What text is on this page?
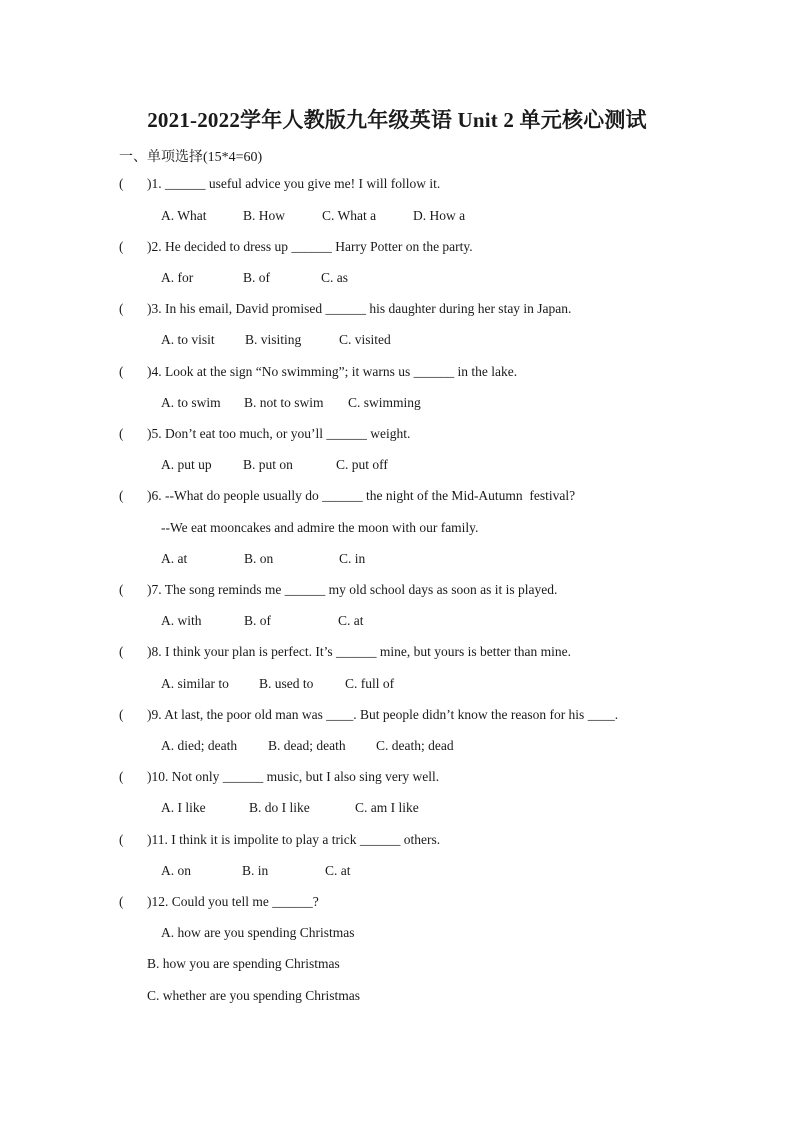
2021-2022学年人教版九年级英语 Unit 2 单元核心测试
一、单项选择(15*4=60)
( )1. ______ useful advice you give me! I will follow it.
A. What	B. How	C. What a	D. How a
( )2. He decided to dress up ______ Harry Potter on the party.
A. for	B. of	C. as
( )3. In his email, David promised ______ his daughter during her stay in Japan.
A. to visit B. visiting	C. visited
( )4. Look at the sign “No swimming”; it warns us ______ in the lake.
A. to swim B. not to swim C. swimming
( )5. Don’t eat too much, or you’ll ______ weight.
A. put up B. put on	C. put off
( )6. --What do people usually do ______ the night of the Mid-Autumn  festival?
--We eat mooncakes and admire the moon with our family.
A. at	B. on	C. in
( )7. The song reminds me ______ my old school days as soon as it is played.
A. with	B. of	C. at
( )8. I think your plan is perfect. It’s ______ mine, but yours is better than mine.
A. similar to B. used to C. full of
( )9. At last, the poor old man was ____. But people didn’t know the reason for his ____.
A. died; death B. dead; death C. death; dead
( )10. Not only ______ music, but I also sing very well.
A. I like	B. do I like	C. am I like
( )11. I think it is impolite to play a trick ______ others.
A. on	B. in	C. at
( )12. Could you tell me ______?
A. how are you spending Christmas
B. how you are spending Christmas
C. whether are you spending Christmas
